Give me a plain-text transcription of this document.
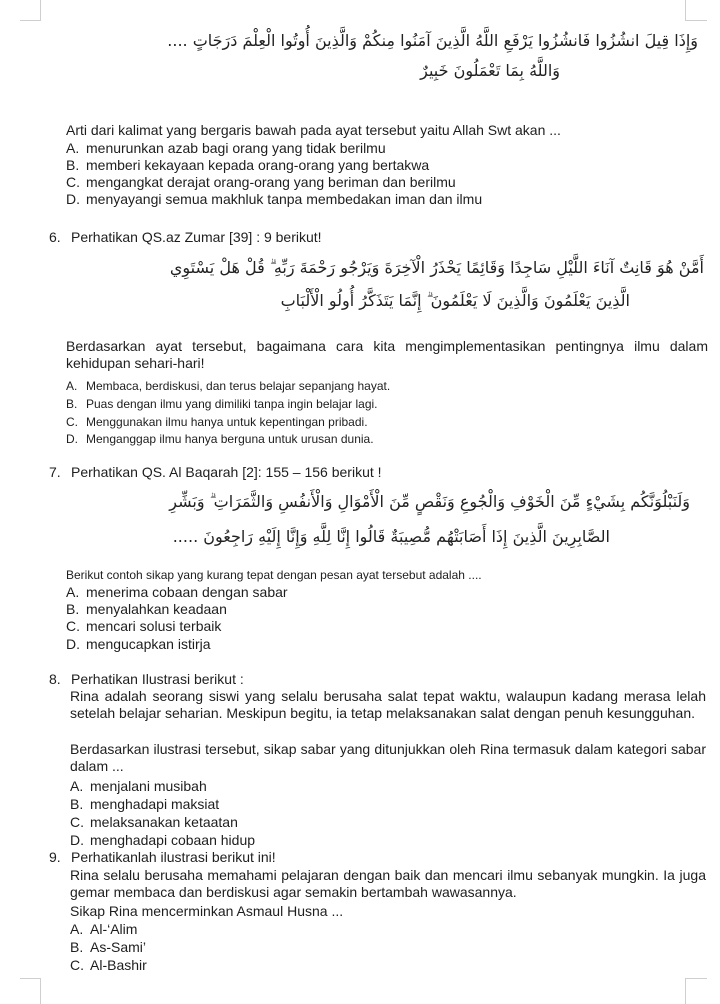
وَإِذَا قِيلَ انشُزُوا فَانشُزُوا يَرْفَعِ اللَّهُ الَّذِينَ آمَنُوا مِنكُمْ وَالَّذِينَ أُوتُوا الْعِلْمَ دَرَجَاتٍ ....
وَاللَّهُ بِمَا تَعْمَلُونَ خَبِيرٌ
Arti dari kalimat yang bergaris bawah pada ayat tersebut yaitu Allah Swt akan ...
A. menurunkan azab bagi orang yang tidak berilmu
B. memberi kekayaan kepada orang-orang yang bertakwa
C. mengangkat derajat orang-orang yang beriman dan berilmu
D. menyayangi semua makhluk tanpa membedakan iman dan ilmu
6. Perhatikan QS.az Zumar [39] : 9 berikut!
أَمَّنْ هُوَ قَانِتٌ آنَاءَ اللَّيْلِ سَاجِدًا وَقَائِمًا يَحْذَرُ الْآخِرَةَ وَيَرْجُو رَحْمَةَ رَبِّهِ ۗ قُلْ هَلْ يَسْتَوِي
الَّذِينَ يَعْلَمُونَ وَالَّذِينَ لَا يَعْلَمُونَ ۗ إِنَّمَا يَتَذَكَّرُ أُولُو الْأَلْبَابِ
Berdasarkan ayat tersebut, bagaimana cara kita mengimplementasikan pentingnya ilmu dalam kehidupan sehari-hari!
A. Membaca, berdiskusi, dan terus belajar sepanjang hayat.
B. Puas dengan ilmu yang dimiliki tanpa ingin belajar lagi.
C. Menggunakan ilmu hanya untuk kepentingan pribadi.
D. Menganggap ilmu hanya berguna untuk urusan dunia.
7. Perhatikan QS. Al Baqarah [2]: 155 – 156 berikut !
وَلَنَبْلُوَنَّكُم بِشَيْءٍ مِّنَ الْخَوْفِ وَالْجُوعِ وَنَقْصٍ مِّنَ الْأَمْوَالِ وَالْأَنفُسِ وَالثَّمَرَاتِ ۗ وَبَشِّرِ
الصَّابِرِينَ الَّذِينَ إِذَا أَصَابَتْهُم مُّصِيبَةٌ قَالُوا إِنَّا لِلَّهِ وَإِنَّا إِلَيْهِ رَاجِعُونَ .....
Berikut contoh sikap yang kurang tepat dengan pesan ayat tersebut adalah ....
A. menerima cobaan dengan sabar
B. menyalahkan keadaan
C. mencari solusi terbaik
D. mengucapkan istirja
8. Perhatikan Ilustrasi berikut :
Rina adalah seorang siswi yang selalu berusaha salat tepat waktu, walaupun kadang merasa lelah setelah belajar seharian. Meskipun begitu, ia tetap melaksanakan salat dengan penuh kesungguhan.
Berdasarkan ilustrasi tersebut, sikap sabar yang ditunjukkan oleh Rina termasuk dalam kategori sabar dalam ...
A. menjalani musibah
B. menghadapi maksiat
C. melaksanakan ketaatan
D. menghadapi cobaan hidup
9. Perhatikanlah ilustrasi berikut ini!
Rina selalu berusaha memahami pelajaran dengan baik dan mencari ilmu sebanyak mungkin. Ia juga gemar membaca dan berdiskusi agar semakin bertambah wawasannya.
Sikap Rina mencerminkan Asmaul Husna ...
A. Al-‘Alim
B. As-Sami’
C. Al-Bashir
